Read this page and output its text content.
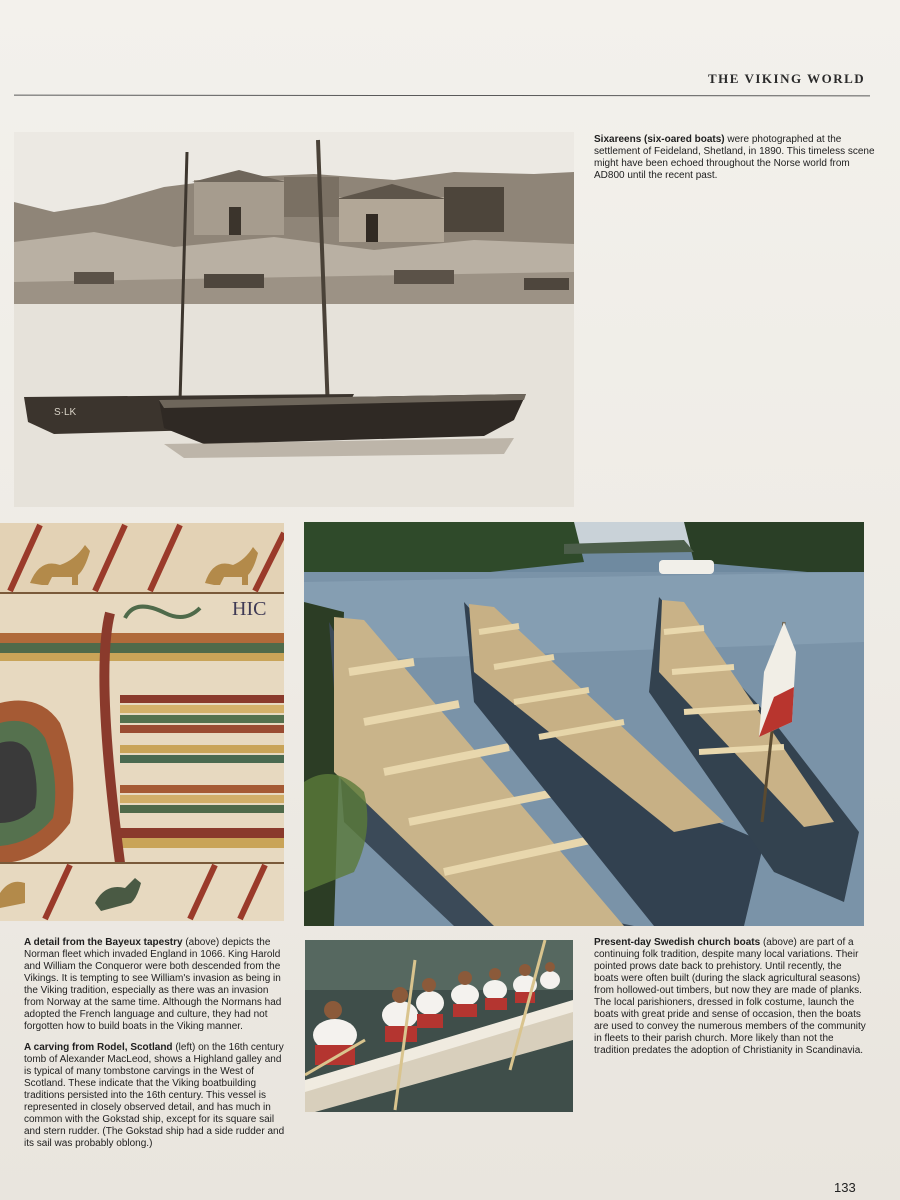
THE VIKING WORLD
S·LK
Sixareens (six-oared boats) were photographed at the settlement of Feideland, Shetland, in 1890. This timeless scene might have been echoed throughout the Norse world from AD800 until the recent past.
HIC

A detail from the Bayeux tapestry (above) depicts the Norman fleet which invaded England in 1066. King Harold and William the Conqueror were both descended from the Vikings. It is tempting to see William's invasion as being in the Viking tradition, especially as there was an invasion from Norway at the same time. Although the Normans had adopted the French language and culture, they had not forgotten how to build boats in the Viking manner.

A carving from Rodel, Scotland (left) on the 16th century tomb of Alexander MacLeod, shows a Highland galley and is typical of many tombstone carvings in the West of Scotland. These indicate that the Viking boatbuilding traditions persisted into the 16th century. This vessel is represented in closely observed detail, and has much in common with the Gokstad ship, except for its square sail and stern rudder. (The Gokstad ship had a side rudder and its sail was probably oblong.)

Present-day Swedish church boats (above) are part of a continuing folk tradition, despite many local variations. Their pointed prows date back to prehistory. Until recently, the boats were often built (during the slack agricultural seasons) from hollowed-out timbers, but now they are made of planks. The local parishioners, dressed in folk costume, launch the boats with great pride and sense of occasion, then the boats are used to convey the numerous members of the community in fleets to their parish church. More likely than not the tradition predates the adoption of Christianity in Scandinavia.
133
